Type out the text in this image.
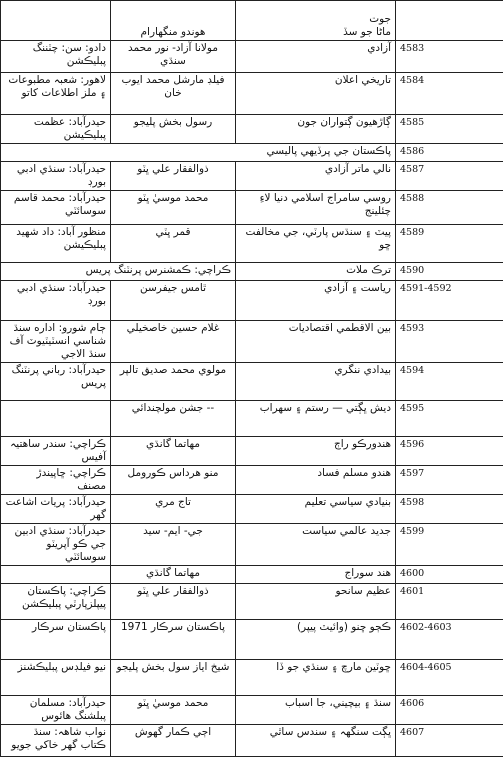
	هوندو منگهارام	جوت
ماڻا جو سڏ	

دادو: سن: چٽننگ پبليڪشن	مولانا آزاد- نور محمد سنڌي	آزادي	4583
لاهور: شعبہ مطبوعات ۽ ملز اطلاعات کاتو	فيلڊ مارشل محمد ايوب خان	تاريخي اعلان	4584
حيدرآباد: عظمت پبليڪيشن	رسول بخش پليجو	ڳاڙهيون ڳتواران جون	4585
پاڪستان جي پرڏيهي پاليسي			4586
حيدرآباد: سنڌي ادبي بورڊ	ذوالفقار علي ڀٽو	نالي ماتر آزادي	4587
حيدرآباد: محمد قاسم سوسائٽي	محمد موسيٰ ڀٽو	روسي سامراج اسلامي دنيا لاءِ چئلينج	4588
منظور آباد: داد شهيد پبليڪيشن	قمر ڀٽي	پيٽ ۽ سنڌس پارٽي، جي مخالفت ڇو	4589
ڪراچي: ڪمشنرس پرنٽنگ پريس		ترڪ ملات	4590
حيدرآباد: سنڌي ادبي بورڊ	ٿامس جيفرسن	رياست ۽ آزادي	4591-4592
ڄام شورو: اداره سنڌ شناسي انسٽيٽيوٽ آف سنڌ الاجي	غلام حسين خاصخيلي	بين الاقطمي اقتصاديات	4593
حيدرآباد: رباني پرنٽنگ پريس	مولوي محمد صديق تالپر	بيدادي ننگري	4594
	-- جشن مولچندائي	ديش ڀڳتي — رستم ۽ سهراب	4595
ڪراچي: سندر ساهتيہ آفيس	مهاتما گانڌي	هندورڪو راڄ	4596
ڪراچي: ڇاپيندڙ مصنف	منو هرداس ڪورومل	هندو مسلم فساد	4597
حيدرآباد: پريات اشاعت گهر	تاج مري	بنيادي سياسي تعليم	4598
حيدرآباد: سنڌي ادبين جي ڪو آپريٽو سوسائٽي	جي- ايم- سيد	جديد عالمي سياست	4599
	مهاتما گانڌي	هند سوراج	4600
ڪراچي: پاڪستان پيپلزپارٽي پبليڪشن	ذوالفقار علي ڀٽو	عظيم سانحو	4601
پاڪستان سرڪار	پاڪستان سرڪار 1971	ڪڄو ڇنو (وائيٽ پيپر)	4602-4603
نيو فيلڊس پبليڪشنز	شيخ اياز سول بخش پليجو	ڇوٽين مارچ ۽ سنڌي جو ڏا	4604-4605
حيدرآباد: مسلمان پبلشنگ هائوس	محمد موسيٰ ڀٽو	سنڌ ۽ بيچيني، جا اسباب	4606
نواب شاهہ: سنڌ ڪتاب گهر خاکي جويو	اڄي ڪمار گهوش	ڀڳت سنگهہ ۽ سندس ساٿي	4607
